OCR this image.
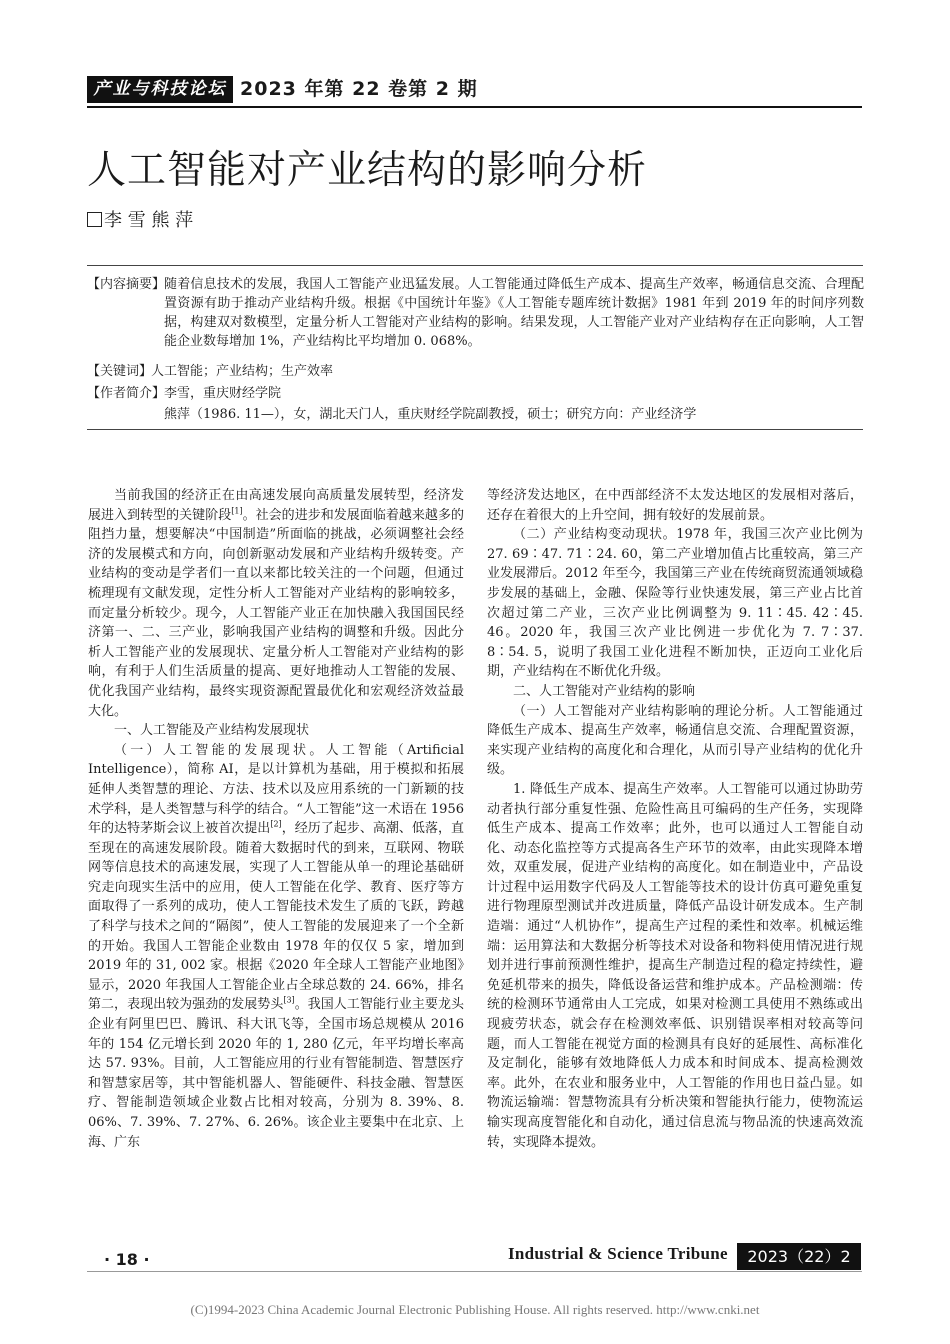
产业与科技论坛 2023 年第 22 卷第 2 期
人工智能对产业结构的影响分析
李 雪 熊 萍
【内容摘要】
随着信息技术的发展，我国人工智能产业迅猛发展。人工智能通过降低生产成本、提高生产效率，畅通信息交流、合理配置资源有助于推动产业结构升级。根据《中国统计年鉴》《人工智能专题库统计数据》1981 年到 2019 年的时间序列数据，构建双对数模型，定量分析人工智能对产业结构的影响。结果发现，人工智能产业对产业结构存在正向影响，人工智能企业数每增加 1%，产业结构比平均增加 0. 068%。
【关键词】
人工智能；产业结构；生产效率
【作者简介】
李雪，重庆财经学院
熊萍（1986. 11—），女，湖北天门人，重庆财经学院副教授，硕士；研究方向：产业经济学

当前我国的经济正在由高速发展向高质量发展转型，经济发展进入到转型的关键阶段[1]。社会的进步和发展面临着越来越多的阻挡力量，想要解决“中国制造”所面临的挑战，必须调整社会经济的发展模式和方向，向创新驱动发展和产业结构升级转变。产业结构的变动是学者们一直以来都比较关注的一个问题，但通过梳理现有文献发现，定性分析人工智能对产业结构的影响较多，而定量分析较少。现今，人工智能产业正在加快融入我国国民经济第一、二、三产业，影响我国产业结构的调整和升级。因此分析人工智能产业的发展现状、定量分析人工智能对产业结构的影响，有利于人们生活质量的提高、更好地推动人工智能的发展、优化我国产业结构，最终实现资源配置最优化和宏观经济效益最大化。

一、人工智能及产业结构发展现状

（一）人工智能的发展现状。人工智能（Artificial Intelligence），简称 AI，是以计算机为基础，用于模拟和拓展延伸人类智慧的理论、方法、技术以及应用系统的一门新颖的技术学科，是人类智慧与科学的结合。“人工智能”这一术语在 1956 年的达特茅斯会议上被首次提出[2]，经历了起步、高潮、低落，直至现在的高速发展阶段。随着大数据时代的到来，互联网、物联网等信息技术的高速发展，实现了人工智能从单一的理论基础研究走向现实生活中的应用，使人工智能在化学、教育、医疗等方面取得了一系列的成功，使人工智能技术发生了质的飞跃，跨越了科学与技术之间的“隔阂”，使人工智能的发展迎来了一个全新的开始。我国人工智能企业数由 1978 年的仅仅 5 家，增加到 2019 年的 31, 002 家。根据《2020 年全球人工智能产业地图》显示，2020 年我国人工智能企业占全球总数的 24. 66%，排名第二，表现出较为强劲的发展势头[3]。我国人工智能行业主要龙头企业有阿里巴巴、腾讯、科大讯飞等，全国市场总规模从 2016 年的 154 亿元增长到 2020 年的 1, 280 亿元，年平均增长率高达 57. 93%。目前，人工智能应用的行业有智能制造、智慧医疗和智慧家居等，其中智能机器人、智能硬件、科技金融、智慧医疗、智能制造领域企业数占比相对较高，分别为 8. 39%、8. 06%、7. 39%、7. 27%、6. 26%。该企业主要集中在北京、上海、广东

等经济发达地区，在中西部经济不太发达地区的发展相对落后，还存在着很大的上升空间，拥有较好的发展前景。

（二）产业结构变动现状。1978 年，我国三次产业比例为 27. 69∶47. 71∶24. 60，第二产业增加值占比重较高，第三产业发展滞后。2012 年至今，我国第三产业在传统商贸流通领域稳步发展的基础上，金融、保险等行业快速发展，第三产业占比首次超过第二产业，三次产业比例调整为 9. 11∶45. 42∶45. 46。2020 年，我国三次产业比例进一步优化为 7. 7∶37. 8∶54. 5，说明了我国工业化进程不断加快，正迈向工业化后期，产业结构在不断优化升级。

二、人工智能对产业结构的影响

（一）人工智能对产业结构影响的理论分析。人工智能通过降低生产成本、提高生产效率，畅通信息交流、合理配置资源，来实现产业结构的高度化和合理化，从而引导产业结构的优化升级。

1. 降低生产成本、提高生产效率。人工智能可以通过协助劳动者执行部分重复性强、危险性高且可编码的生产任务，实现降低生产成本、提高工作效率；此外，也可以通过人工智能自动化、动态化监控等方式提高各生产环节的效率，由此实现降本增效，双重发展，促进产业结构的高度化。如在制造业中，产品设计过程中运用数字代码及人工智能等技术的设计仿真可避免重复进行物理原型测试并改进质量，降低产品设计研发成本。生产制造端：通过“人机协作”，提高生产过程的柔性和效率。机械运维端：运用算法和大数据分析等技术对设备和物料使用情况进行规划并进行事前预测性维护，提高生产制造过程的稳定持续性，避免延机带来的损失，降低设备运营和维护成本。产品检测端：传统的检测环节通常由人工完成，如果对检测工具使用不熟练或出现疲劳状态，就会存在检测效率低、识别错误率相对较高等问题，而人工智能在视觉方面的检测具有良好的延展性、高标准化及定制化，能够有效地降低人力成本和时间成本、提高检测效率。此外，在农业和服务业中，人工智能的作用也日益凸显。如物流运输端：智慧物流具有分析决策和智能执行能力，使物流运输实现高度智能化和自动化，通过信息流与物品流的快速高效流转，实现降本提效。

· 18 ·	Industrial & Science Tribune	2023（22）2
(C)1994-2023 China Academic Journal Electronic Publishing House. All rights reserved. http://www.cnki.net
